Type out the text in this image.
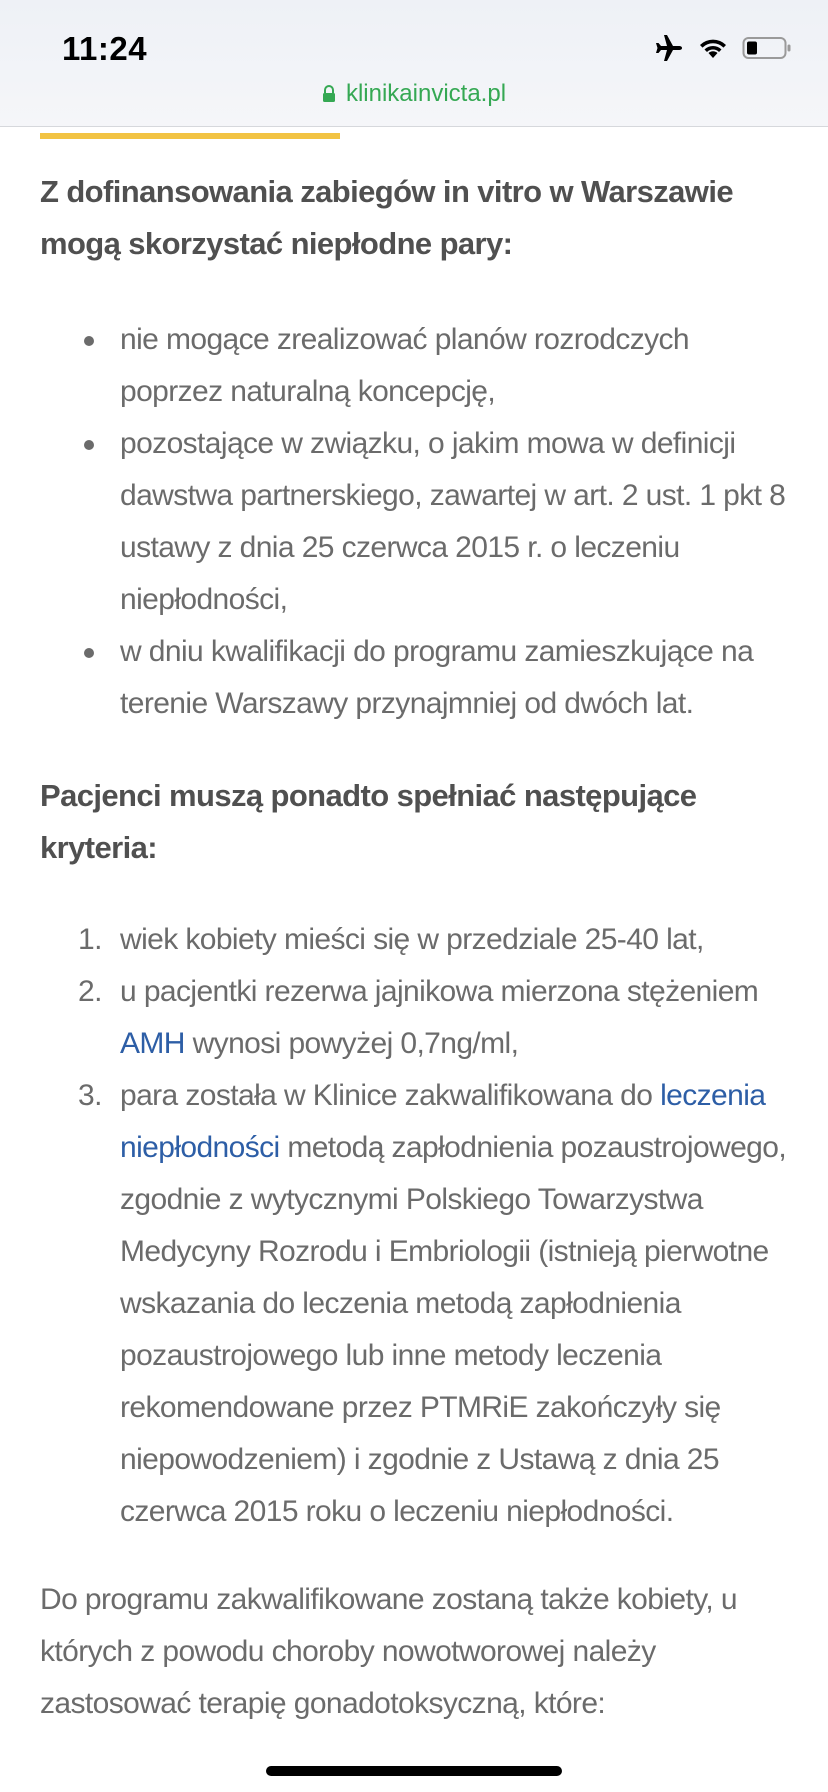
11:24
klinikainvicta.pl

Z dofinansowania zabiegów in vitro w Warszawie mogą skorzystać niepłodne pary:

nie mogące zrealizować planów rozrodczych poprzez naturalną koncepcję,
pozostające w związku, o jakim mowa w definicji dawstwa partnerskiego, zawartej w art. 2 ust. 1 pkt 8 ustawy z dnia 25 czerwca 2015 r. o leczeniu niepłodności,
w dniu kwalifikacji do programu zamieszkujące na terenie Warszawy przynajmniej od dwóch lat.

Pacjenci muszą ponadto spełniać następujące kryteria:

1. wiek kobiety mieści się w przedziale 25-40 lat,
2. u pacjentki rezerwa jajnikowa mierzona stężeniem AMH wynosi powyżej 0,7ng/ml,
3. para została w Klinice zakwalifikowana do leczenia niepłodności metodą zapłodnienia pozaustrojowego, zgodnie z wytycznymi Polskiego Towarzystwa Medycyny Rozrodu i Embriologii (istnieją pierwotne wskazania do leczenia metodą zapłodnienia pozaustrojowego lub inne metody leczenia rekomendowane przez PTMRiE zakończyły się niepowodzeniem) i zgodnie z Ustawą z dnia 25 czerwca 2015 roku o leczeniu niepłodności.

Do programu zakwalifikowane zostaną także kobiety, u których z powodu choroby nowotworowej należy zastosować terapię gonadotoksyczną, które:
